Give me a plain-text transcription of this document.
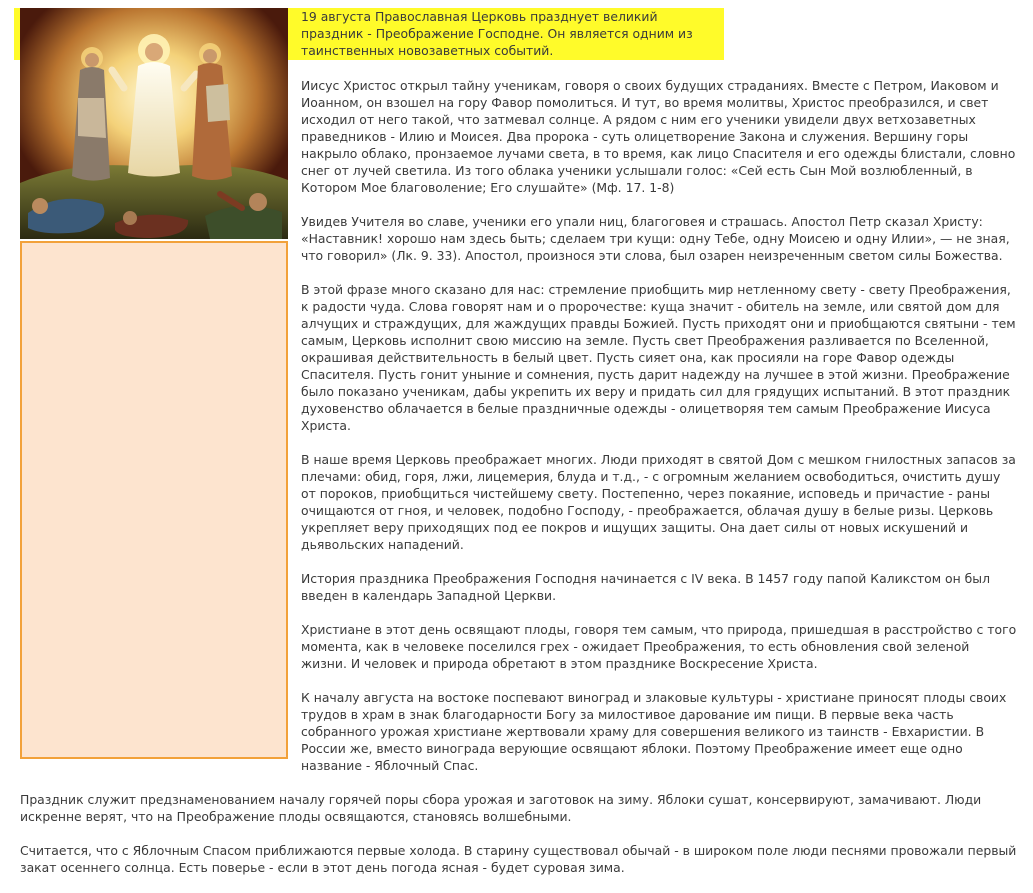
19 августа Православная Церковь празднует великий праздник - Преображение Господне. Он является одним из таинственных новозаветных событий.
Иисус Христос открыл тайну ученикам, говоря о своих будущих страданиях. Вместе с Петром, Иаковом и Иоанном, он взошел на гору Фавор помолиться. И тут, во время молитвы, Христос преобразился, и свет исходил от него такой, что затмевал солнце. А рядом с ним его ученики увидели двух ветхозаветных праведников - Илию и Моисея. Два пророка - суть олицетворение Закона и служения. Вершину горы накрыло облако, пронзаемое лучами света, в то время, как лицо Спасителя и его одежды блистали, словно снег от лучей светила. Из того облака ученики услышали голос: «Сей есть Сын Мой возлюбленный, в Котором Мое благоволение; Его слушайте» (Мф. 17. 1-8)
Увидев Учителя во славе, ученики его упали ниц, благоговея и страшась. Апостол Петр сказал Христу: «Наставник! хорошо нам здесь быть; сделаем три кущи: одну Тебе, одну Моисею и одну Илии», — не зная, что говорил» (Лк. 9. 33). Апостол, произнося эти слова, был озарен неизреченным светом силы Божества.
В этой фразе много сказано для нас: стремление приобщить мир нетленному свету - свету Преображения, к радости чуда. Слова говорят нам и о пророчестве: куща значит - обитель на земле, или святой дом для алчущих и страждущих, для жаждущих правды Божией. Пусть приходят они и приобщаются святыни - тем самым, Церковь исполнит свою миссию на земле. Пусть свет Преображения разливается по Вселенной, окрашивая действительность в белый цвет. Пусть сияет она, как просияли на горе Фавор одежды Спасителя. Пусть гонит уныние и сомнения, пусть дарит надежду на лучшее в этой жизни. Преображение было показано ученикам, дабы укрепить их веру и придать сил для грядущих испытаний. В этот праздник духовенство облачается в белые праздничные одежды - олицетворяя тем самым Преображение Иисуса Христа.
В наше время Церковь преображает многих. Люди приходят в святой Дом с мешком гнилостных запасов за плечами: обид, горя, лжи, лицемерия, блуда и т.д., - с огромным желанием освободиться, очистить душу от пороков, приобщиться чистейшему свету. Постепенно, через покаяние, исповедь и причастие - раны очищаются от гноя, и человек, подобно Господу, - преображается, облачая душу в белые ризы. Церковь укрепляет веру приходящих под ее покров и ищущих защиты. Она дает силы от новых искушений и дьявольских нападений.
История праздника Преображения Господня начинается с IV века. В 1457 году папой Каликстом он был введен в календарь Западной Церкви.
Христиане в этот день освящают плоды, говоря тем самым, что природа, пришедшая в расстройство с того момента, как в человеке поселился грех - ожидает Преображения, то есть обновления свой зеленой жизни. И человек и природа обретают в этом празднике Воскресение Христа.
К началу августа на востоке поспевают виноград и злаковые культуры - христиане приносят плоды своих трудов в храм в знак благодарности Богу за милостивое дарование им пищи. В первые века часть собранного урожая христиане жертвовали храму для совершения великого из таинств - Евхаристии. В России же, вместо винограда верующие освящают яблоки. Поэтому Преображение имеет еще одно название - Яблочный Спас.
Праздник служит предзнаменованием началу горячей поры сбора урожая и заготовок на зиму. Яблоки сушат, консервируют, замачивают. Люди искренне верят, что на Преображение плоды освящаются, становясь волшебными.
Считается, что с Яблочным Спасом приближаются первые холода. В старину существовал обычай - в широком поле люди песнями провожали первый закат осеннего солнца. Есть поверье - если в этот день погода ясная - будет суровая зима.
